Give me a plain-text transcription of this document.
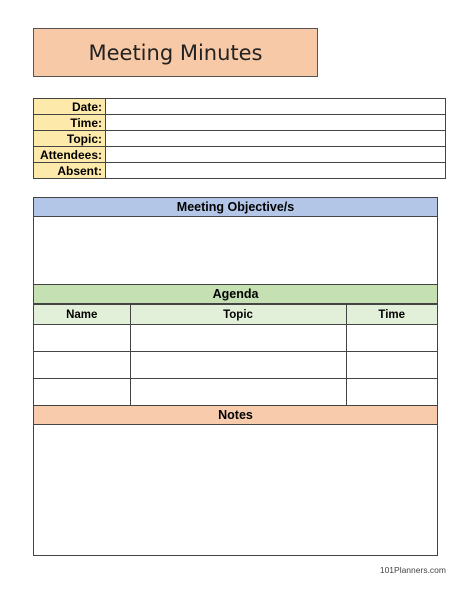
Meeting Minutes
Date:	
Time:	
Topic:	
Attendees:	
Absent:	
Meeting Objective/s
Agenda
Name	Topic	Time

Notes
101Planners.com
